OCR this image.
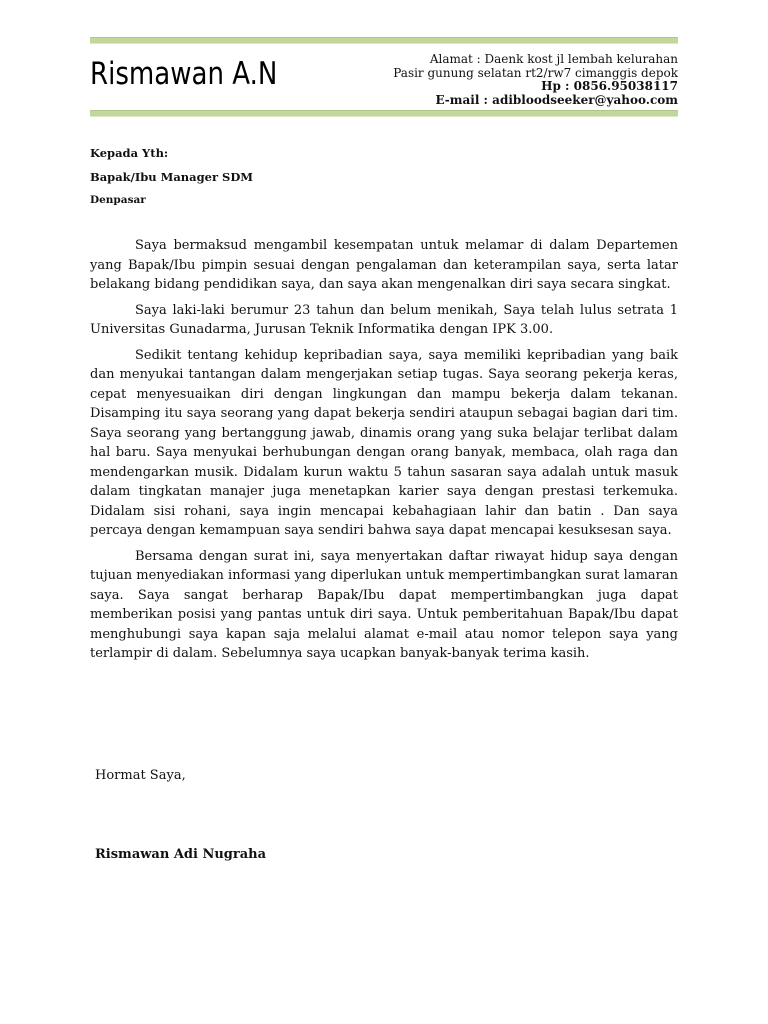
Rismawan A.N	Alamat : Daenk kost jl lembah kelurahan
Pasir gunung selatan rt2/rw7 cimanggis depok
Hp : 0856.95038117
E-mail : adibloodseeker@yahoo.com
Kepada Yth:
Bapak/Ibu Manager SDM
Denpasar

Saya bermaksud mengambil kesempatan untuk melamar di dalam Departemen yang Bapak/Ibu pimpin sesuai dengan pengalaman dan keterampilan saya, serta latar belakang bidang pendidikan saya, dan saya akan mengenalkan diri saya secara singkat.

Saya laki-laki berumur 23 tahun dan belum menikah, Saya telah lulus setrata 1 Universitas Gunadarma, Jurusan Teknik Informatika dengan IPK 3.00.

Sedikit tentang kehidup kepribadian saya, saya memiliki kepribadian yang baik dan menyukai tantangan dalam mengerjakan setiap tugas. Saya seorang pekerja keras, cepat menyesuaikan diri dengan lingkungan dan mampu bekerja dalam tekanan. Disamping itu saya seorang yang dapat bekerja sendiri ataupun sebagai bagian dari tim. Saya seorang yang bertanggung jawab, dinamis orang yang suka belajar terlibat dalam hal baru. Saya menyukai berhubungan dengan orang banyak, membaca, olah raga dan mendengarkan musik. Didalam kurun waktu 5 tahun sasaran saya adalah untuk masuk dalam tingkatan manajer juga menetapkan karier saya dengan prestasi terkemuka. Didalam sisi rohani, saya ingin mencapai kebahagiaan lahir dan batin . Dan saya percaya dengan kemampuan saya sendiri bahwa saya dapat mencapai kesuksesan saya.

Bersama dengan surat ini, saya menyertakan daftar riwayat hidup saya dengan tujuan menyediakan informasi yang diperlukan untuk mempertimbangkan surat lamaran saya. Saya sangat berharap Bapak/Ibu dapat mempertimbangkan juga dapat memberikan posisi yang pantas untuk diri saya. Untuk pemberitahuan Bapak/Ibu dapat menghubungi saya kapan saja melalui alamat e-mail atau nomor telepon saya yang terlampir di dalam. Sebelumnya saya ucapkan banyak-banyak terima kasih.

Hormat Saya,
Rismawan Adi Nugraha
